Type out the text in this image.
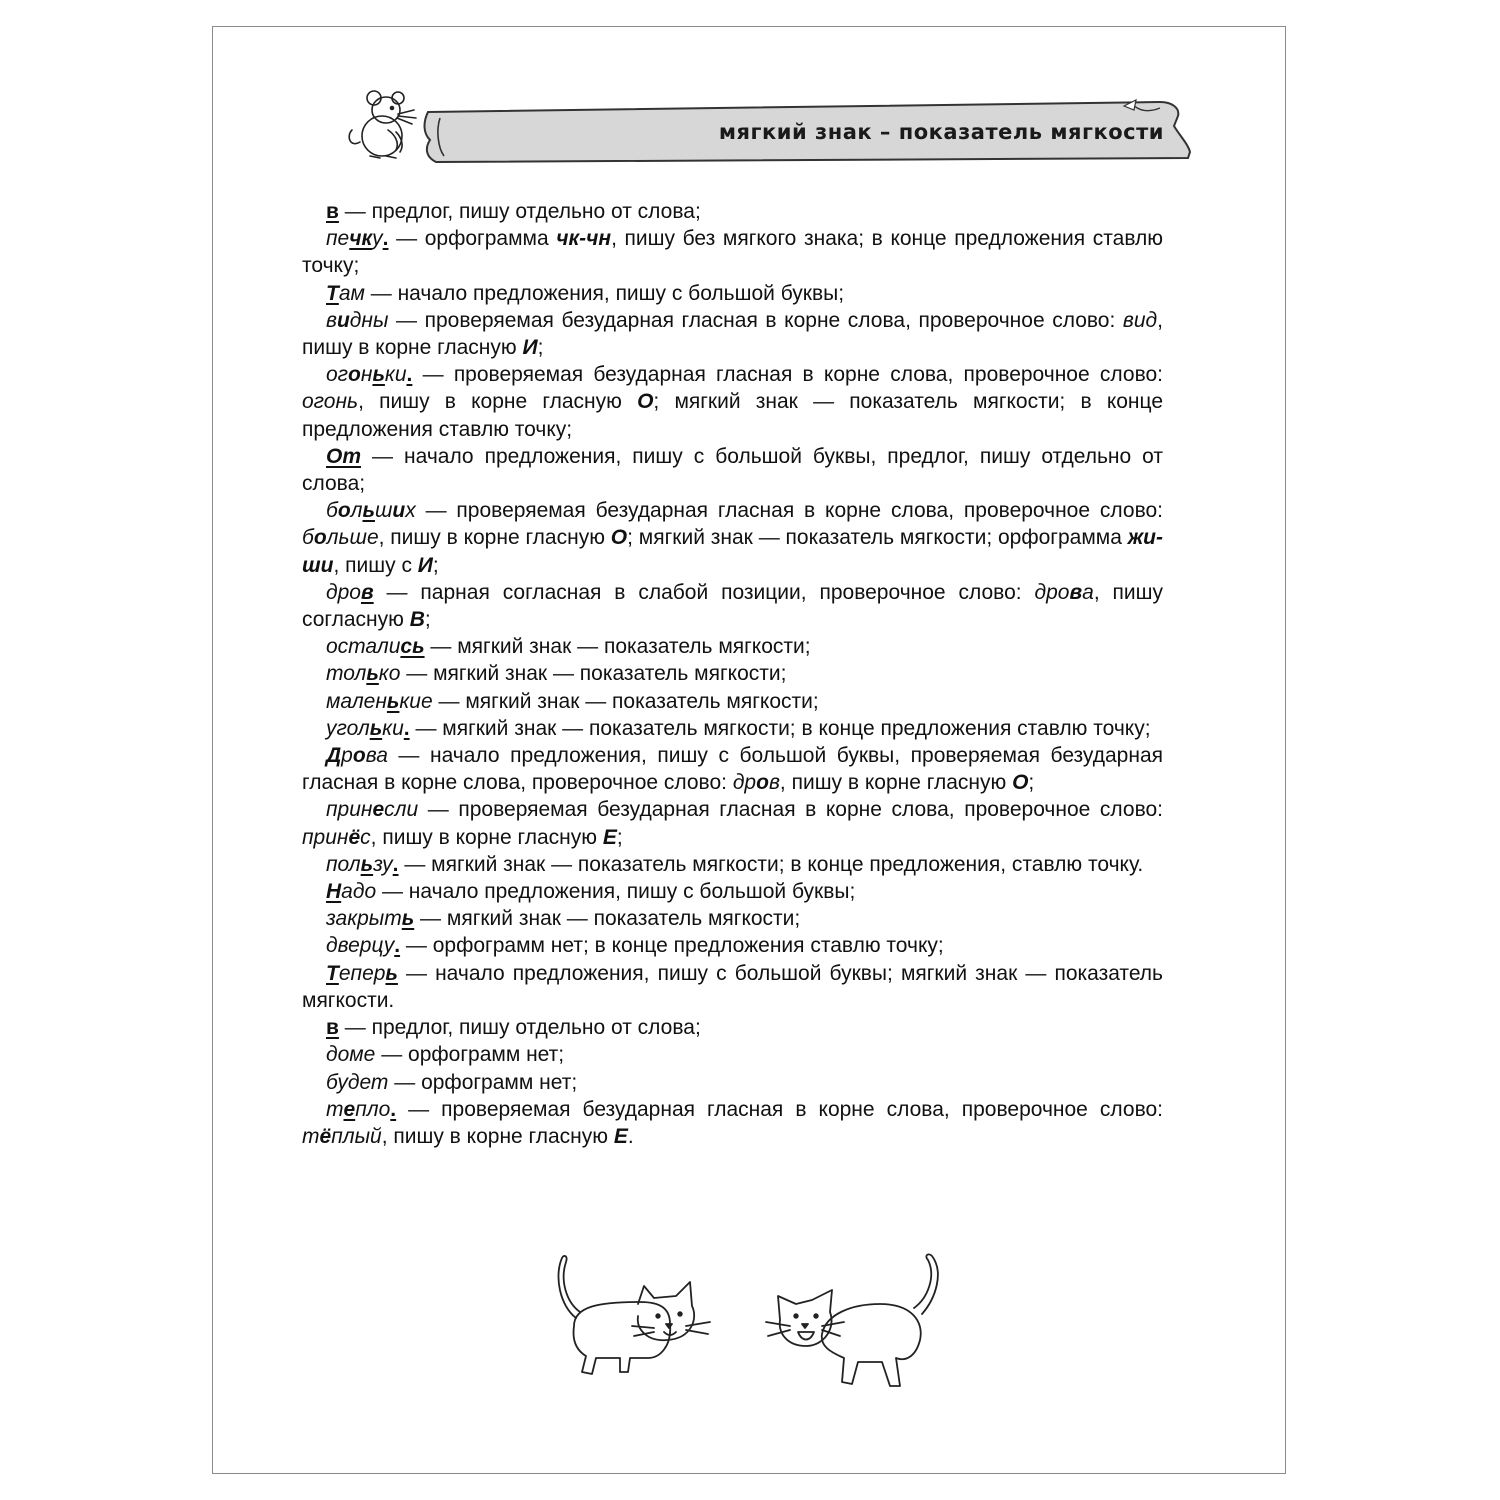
мягкий знак – показатель мягкости

в — предлог, пишу отдельно от слова;

печку. — орфограмма чк-чн, пишу без мягкого знака; в конце предложения ставлю точку;

Там — начало предложения, пишу с большой буквы;

видны — проверяемая безударная гласная в корне слова, проверочное слово: вид, пишу в корне гласную И;

огоньки. — проверяемая безударная гласная в корне слова, проверочное слово: огонь, пишу в корне гласную О; мягкий знак — показатель мягкости; в конце предложения ставлю точку;

От — начало предложения, пишу с большой буквы, предлог, пишу отдельно от слова;

больших — проверяемая безударная гласная в корне слова, проверочное слово: больше, пишу в корне гласную О; мягкий знак — показатель мягкости; орфограмма жи-ши, пишу с И;

дров — парная согласная в слабой позиции, проверочное слово: дрова, пишу согласную В;

остались — мягкий знак — показатель мягкости;

только — мягкий знак — показатель мягкости;

маленькие — мягкий знак — показатель мягкости;

угольки. — мягкий знак — показатель мягкости; в конце предложения ставлю точку;

Дрова — начало предложения, пишу с большой буквы, проверяемая безударная гласная в корне слова, проверочное слово: дров, пишу в корне гласную О;

принесли — проверяемая безударная гласная в корне слова, проверочное слово: принёс, пишу в корне гласную Е;

пользу. — мягкий знак — показатель мягкости; в конце предложения, ставлю точку.

Надо — начало предложения, пишу с большой буквы;

закрыть — мягкий знак — показатель мягкости;

дверцу. — орфограмм нет; в конце предложения ставлю точку;

Теперь — начало предложения, пишу с большой буквы; мягкий знак — показатель мягкости.

в — предлог, пишу отдельно от слова;

доме — орфограмм нет;

будет — орфограмм нет;

тепло. — проверяемая безударная гласная в корне слова, проверочное слово: тёплый, пишу в корне гласную Е.
